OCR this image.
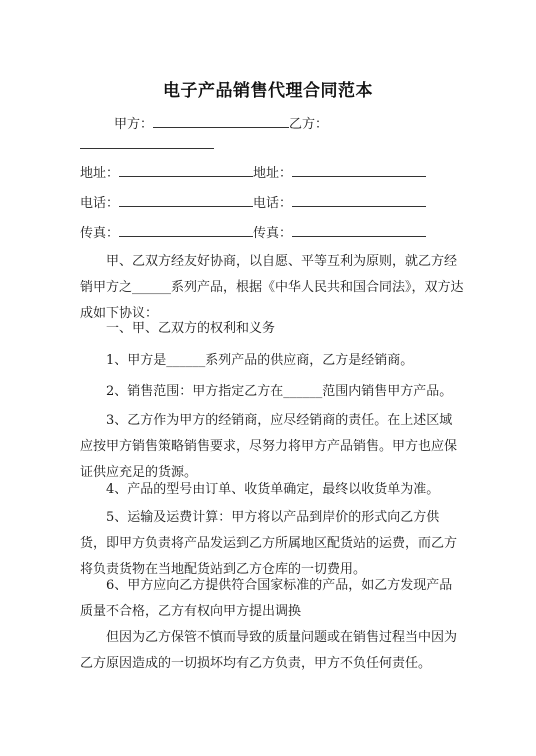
电子产品销售代理合同范本
甲方：	乙方：
地址：	地址：
电话：	电话：
传真：	传真：
甲、乙双方经友好协商，以自愿、平等互利为原则，就乙方经销甲方之______系列产品，根据《中华人民共和国合同法》，双方达成如下协议：
一、甲、乙双方的权利和义务
1、甲方是______系列产品的供应商，乙方是经销商。
2、销售范围：甲方指定乙方在______范围内销售甲方产品。
3、乙方作为甲方的经销商，应尽经销商的责任。在上述区域应按甲方销售策略销售要求，尽努力将甲方产品销售。甲方也应保证供应充足的货源。
4、产品的型号由订单、收货单确定，最终以收货单为准。
5、运输及运费计算：甲方将以产品到岸价的形式向乙方供货，即甲方负责将产品发运到乙方所属地区配货站的运费，而乙方将负责货物在当地配货站到乙方仓库的一切费用。
6、甲方应向乙方提供符合国家标准的产品，如乙方发现产品质量不合格，乙方有权向甲方提出调换
但因为乙方保管不慎而导致的质量问题或在销售过程当中因为乙方原因造成的一切损坏均有乙方负责，甲方不负任何责任。
